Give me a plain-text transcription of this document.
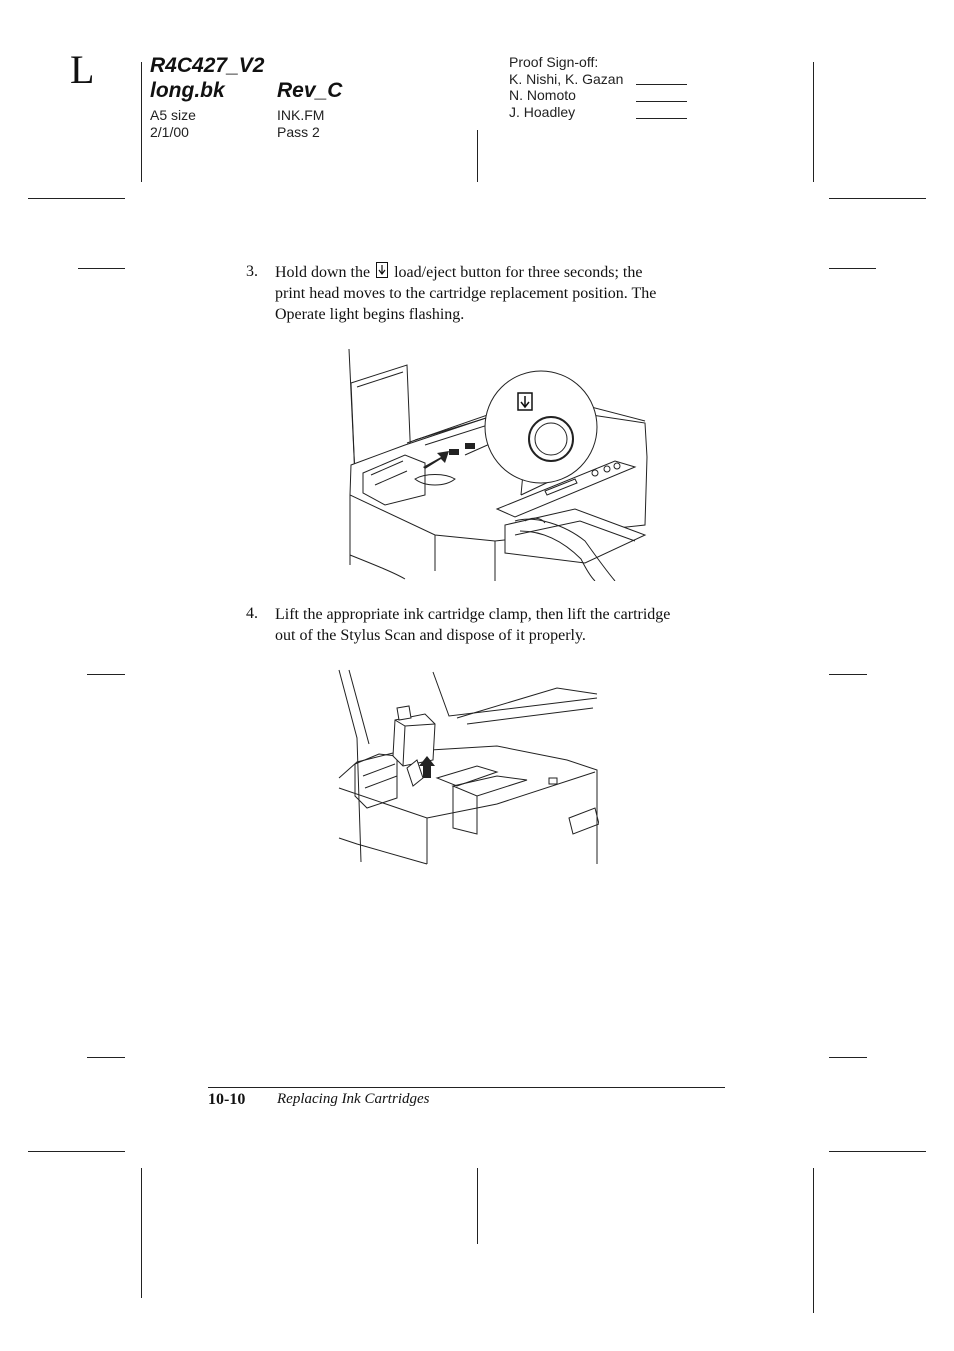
L	R4C427_V2
long.bk Rev_C
A5 size
2/1/00
INK.FM
Pass 2
Proof Sign-off:
K. Nishi, K. Gazan
N. Nomoto
J. Hoadley
3. Hold down the load/eject button for three seconds; the
print head moves to the cartridge replacement position. The
Operate light begins flashing.
4. Lift the appropriate ink cartridge clamp, then lift the cartridge
out of the Stylus Scan and dispose of it properly.
10-10 Replacing Ink Cartridges
